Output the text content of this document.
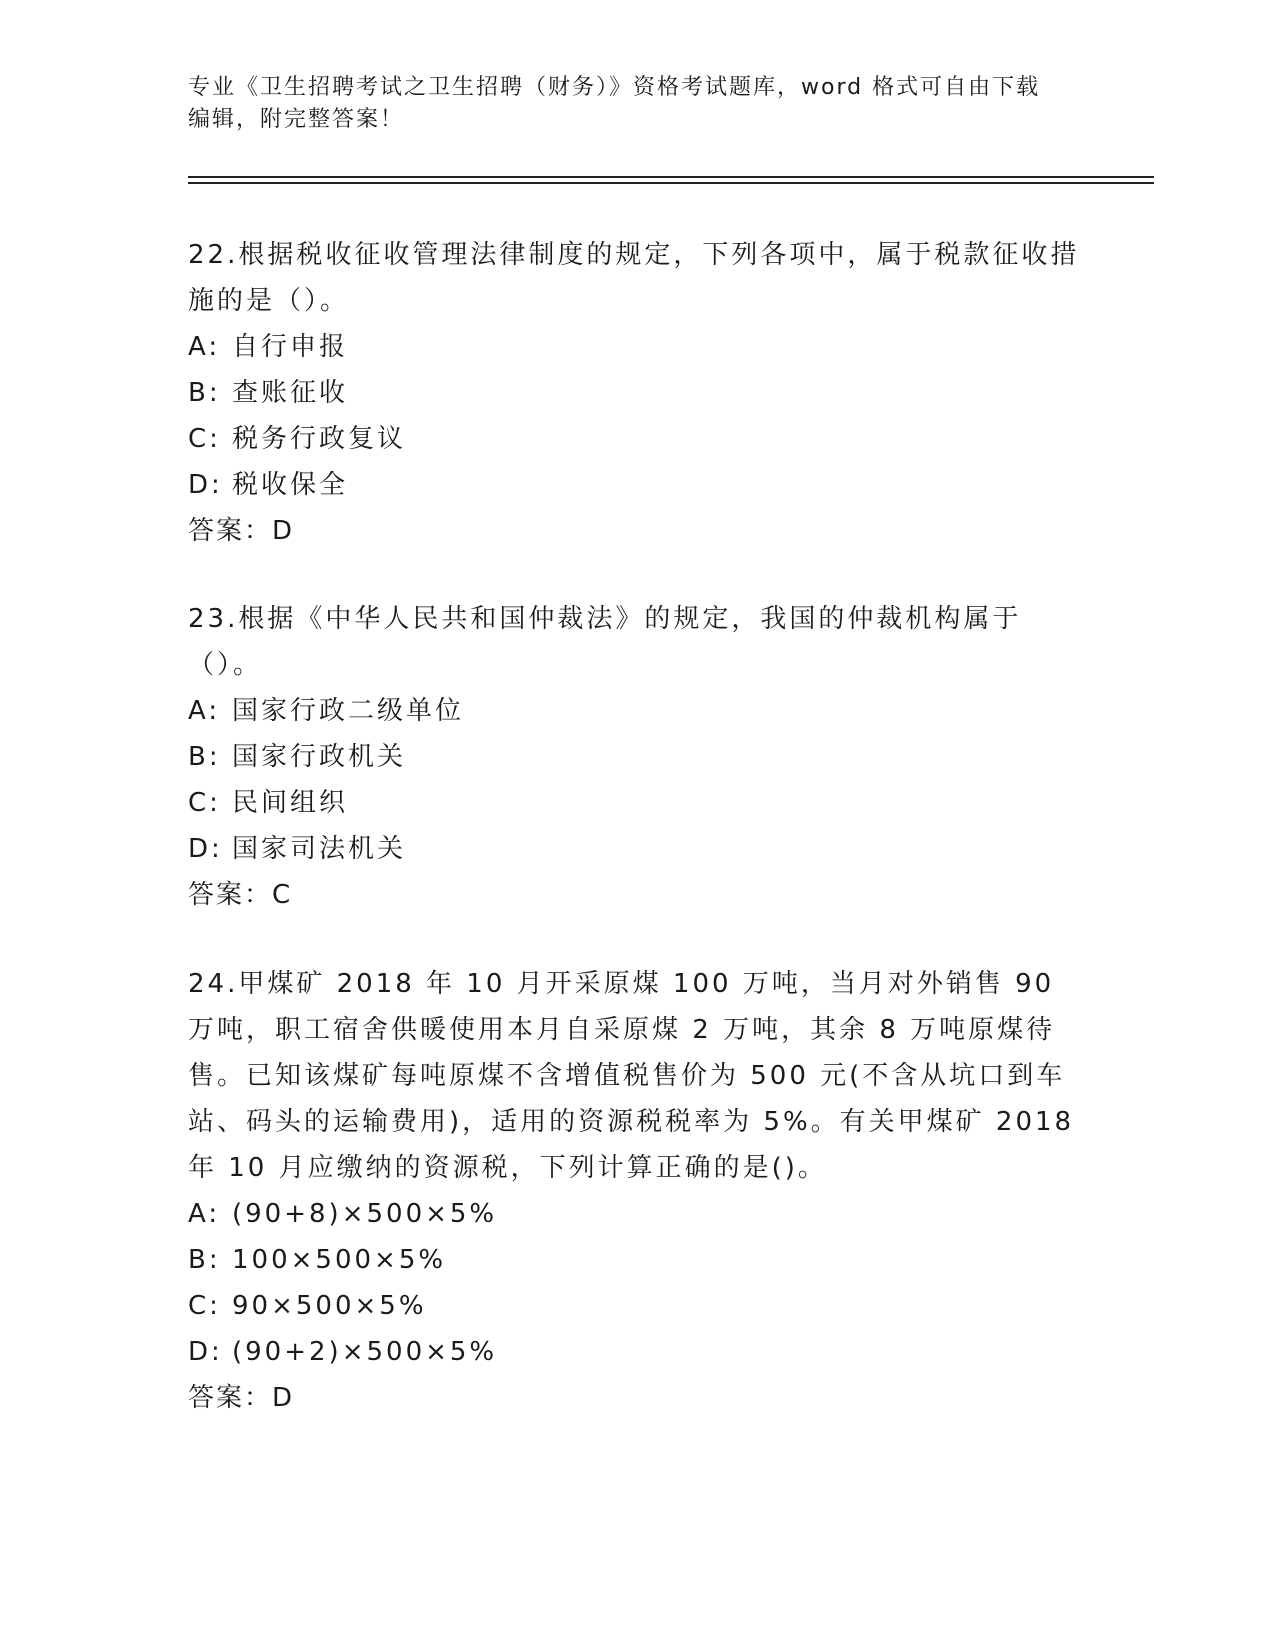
专业《卫生招聘考试之卫生招聘（财务）》资格考试题库，word 格式可自由下载
编辑，附完整答案！

22.根据税收征收管理法律制度的规定，下列各项中，属于税款征收措施的是（）。

A: 自行申报
B: 查账征收
C: 税务行政复议
D: 税收保全

答案：D

23.根据《中华人民共和国仲裁法》的规定，我国的仲裁机构属于（）。

A: 国家行政二级单位
B: 国家行政机关
C: 民间组织
D: 国家司法机关

答案：C

24.甲煤矿 2018 年 10 月开采原煤 100 万吨，当月对外销售 90 万吨，职工宿舍供暖使用本月自采原煤 2 万吨，其余 8 万吨原煤待售。已知该煤矿每吨原煤不含增值税售价为 500 元(不含从坑口到车站、码头的运输费用)，适用的资源税税率为 5%。有关甲煤矿 2018 年 10 月应缴纳的资源税，下列计算正确的是()。

A: (90+8)×500×5%
B: 100×500×5%
C: 90×500×5%
D: (90+2)×500×5%

答案：D
